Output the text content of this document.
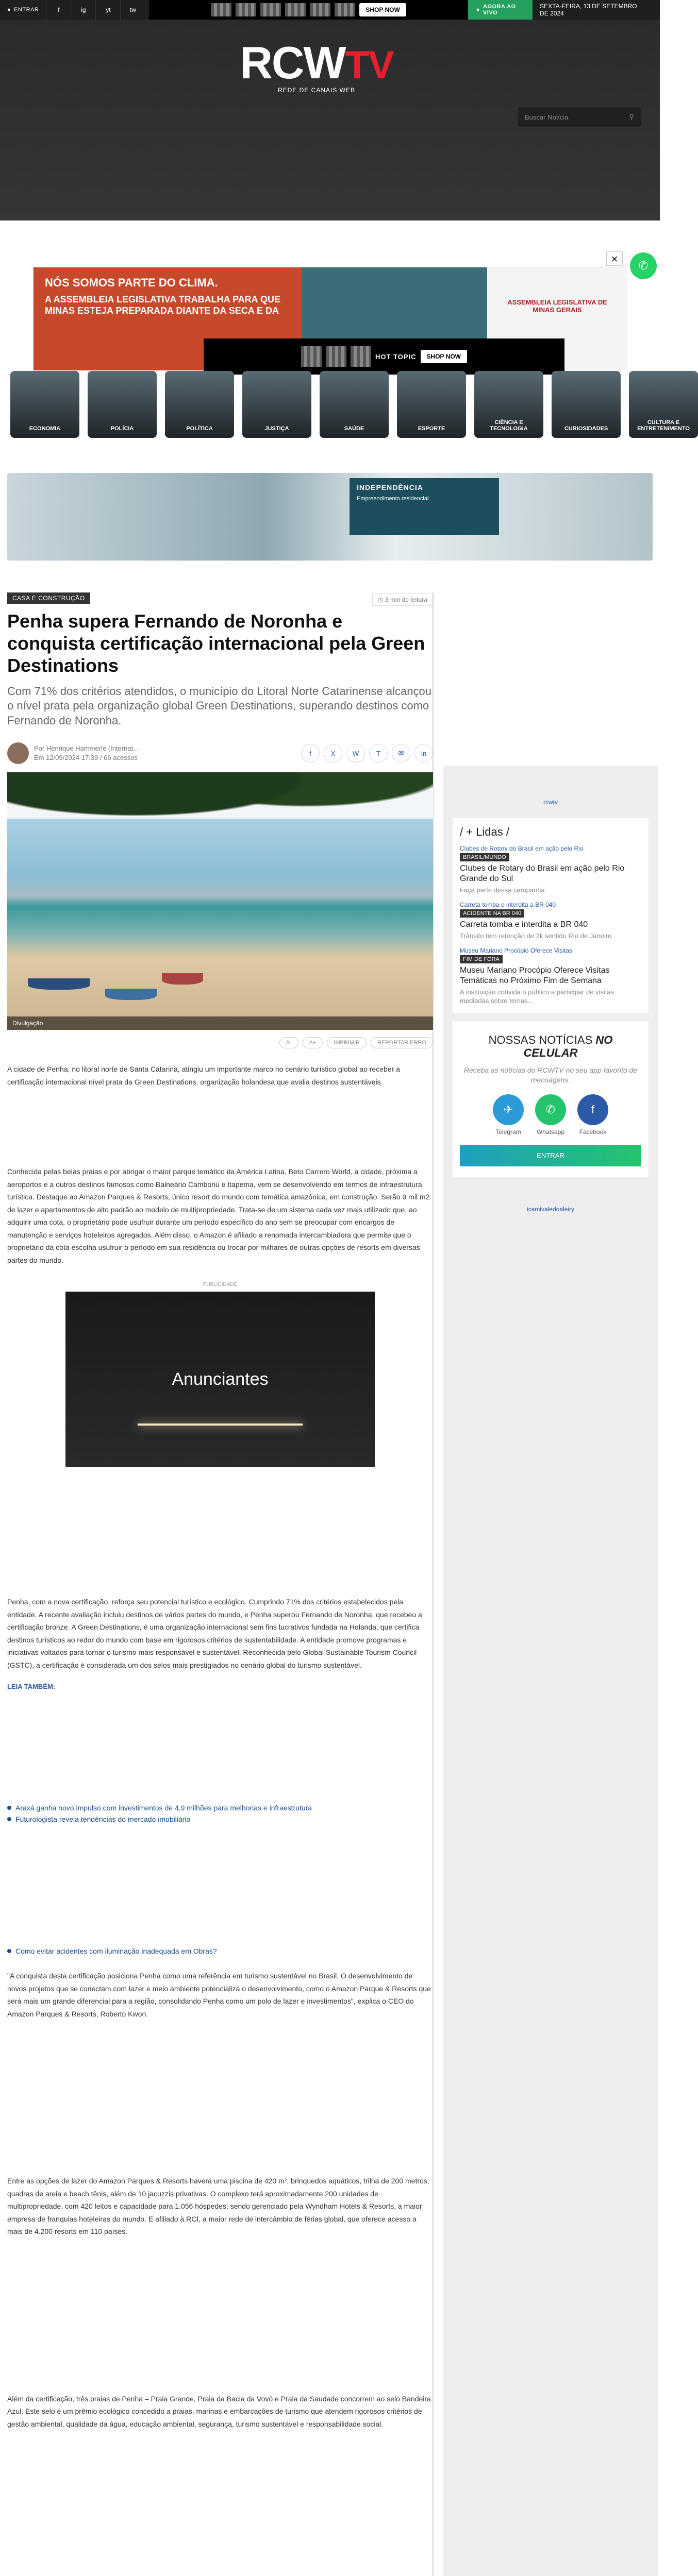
● ENTRAR	f	ig	yt	tw	SHOP NOW	● AGORA AO VIVO
SEXTA-FEIRA, 13 DE SETEMBRO DE 2024
RCWTV
REDE DE CANAIS WEB
Buscar Notícia	⚲
×
✆
NÓS SOMOS PARTE DO CLIMA.

A ASSEMBLEIA LEGISLATIVA TRABALHA PARA QUE MINAS ESTEJA PREPARADA DIANTE DA SECA E DA

ASSEMBLEIA LEGISLATIVA DE MINAS GERAIS
HOT TOPIC	SHOP NOW
ECONOMIA	POLÍCIA	POLÍTICA	JUSTIÇA	SAÚDE	ESPORTE
CIÊNCIA E TECNOLOGIA	CURIOSIDADES
CULTURA E ENTRETENIMENTO
INDEPENDÊNCIA
Empreendimento residencial
CASA E CONSTRUÇÃO	◷ 3 min de leitura
Penha supera Fernando de Noronha e conquista certificação internacional pela Green Destinations

Com 71% dos critérios atendidos, o município do Litoral Norte Catarinense alcançou o nível prata pela organização global Green Destinations, superando destinos como Fernando de Noronha.

Por Henrique Hammerle (Internat...
Em 12/09/2024 17:39 / 66 acessos
f	X	W	T	✉	in
Divulgação
A-	A+	IMPRIMIR	REPORTAR ERRO

A cidade de Penha, no litoral norte de Santa Catarina, atingiu um importante marco no cenário turístico global ao receber a certificação internacional nível prata da Green Destinations, organização holandesa que avalia destinos sustentáveis.

Conhecida pelas belas praias e por abrigar o maior parque temático da América Latina, Beto Carrero World, a cidade, próxima a aeroportos e a outros destinos famosos como Balneário Camboriú e Itapema, vem se desenvolvendo em termos de infraestrutura turística. Destaque ao Amazon Parques & Resorts, único resort do mundo com temática amazônica, em construção. Serão 9 mil m2 de lazer e apartamentos de alto padrão ao modelo de multipropriedade. Trata-se de um sistema cada vez mais utilizado que, ao adquirir uma cota, o proprietário pode usufruir durante um período específico do ano sem se preocupar com encargos de manutenção e serviços hoteleiros agregados. Além disso, o Amazon é afiliado a renomada intercambiadora que permite que o proprietário da cota escolha usufruir o período em sua residência ou trocar por milhares de outras opções de resorts em diversas partes do mundo.

PUBLICIDADE
Anunciantes

Penha, com a nova certificação, reforça seu potencial turístico e ecológico. Cumprindo 71% dos critérios estabelecidos pela entidade. A recente avaliação incluiu destinos de vários partes do mundo, e Penha superou Fernando de Noronha, que recebeu a certificação bronze. A Green Destinations, é uma organização internacional sem fins lucrativos fundada na Holanda, que certifica destinos turísticos ao redor do mundo com base em rigorosos critérios de sustentabilidade. A entidade promove programas e iniciativas voltados para tornar o turismo mais responsável e sustentável. Reconhecida pelo Global Sustainable Tourism Council (GSTC), a certificação é considerada um dos selos mais prestigiados no cenário global do turismo sustentável.

LEIA TAMBÉM:
Araxá ganha novo impulso com investimentos de 4,9 milhões para melhorias e infraestrutura
Futurologista revela tendências do mercado imobiliário
Como evitar acidentes com iluminação inadequada em Obras?

"A conquista desta certificação posiciona Penha como uma referência em turismo sustentável no Brasil. O desenvolvimento de novos projetos que se conectam com lazer e meio ambiente potencializa o desenvolvimento, como o Amazon Parque & Resorts que será mais um grande diferencial para a região, consolidando Penha como um polo de lazer e investimentos", explica o CEO do Amazon Parques & Resorts, Roberto Kwon.

Entre as opções de lazer do Amazon Parques & Resorts haverá uma piscina de 420 m², brinquedos aquáticos, trilha de 200 metros, quadras de areia e beach tênis, além de 10 jacuzzis privativas. O complexo terá aproximadamente 200 unidades de multipropriedade, com 420 leitos e capacidade para 1.056 hóspedes, sendo gerenciado pela Wyndham Hotels & Resorts, a maior empresa de franquias hoteleiras do mundo. E afiliado à RCI, a maior rede de intercâmbio de férias global, que oferece acesso a mais de 4.200 resorts em 110 países.

Além da certificação, três praias de Penha – Praia Grande, Praia da Bacia da Vovó e Praia da Saudade concorrem ao selo Bandeira Azul. Este selo é um prêmio ecológico concedido a praias, marinas e embarcações de turismo que atendem rigorosos critérios de gestão ambiental, qualidade da água, educação ambiental, segurança, turismo sustentável e responsabilidade social.

rcwtv
/ + Lidas /
Clubes de Rotary do Brasil em ação pelo Rio
BRASIL/MUNDO
Clubes de Rotary do Brasil em ação pelo Rio Grande do Sul
Faça parte dessa campanha
Carreta tomba e interdita a BR 040
ACIDENTE NA BR 040
Carreta tomba e interdita a BR 040
Trânsito tem retenção de 2k sentido Rio de Janeiro
Museu Mariano Procópio Oferece Visitas
FIM DE FORA
Museu Mariano Procópio Oferece Visitas Temáticas no Próximo Fim de Semana
A instituição convida o público a participar de visitas mediadas sobre temas...
NOSSAS NOTÍCIAS NO CELULAR

Receba as notícias do RCWTV no seu app favorito de mensagens.

✈
Telegram
✆
Whatsapp
f
Facebook
ENTRAR
icamivaledoaleiry
